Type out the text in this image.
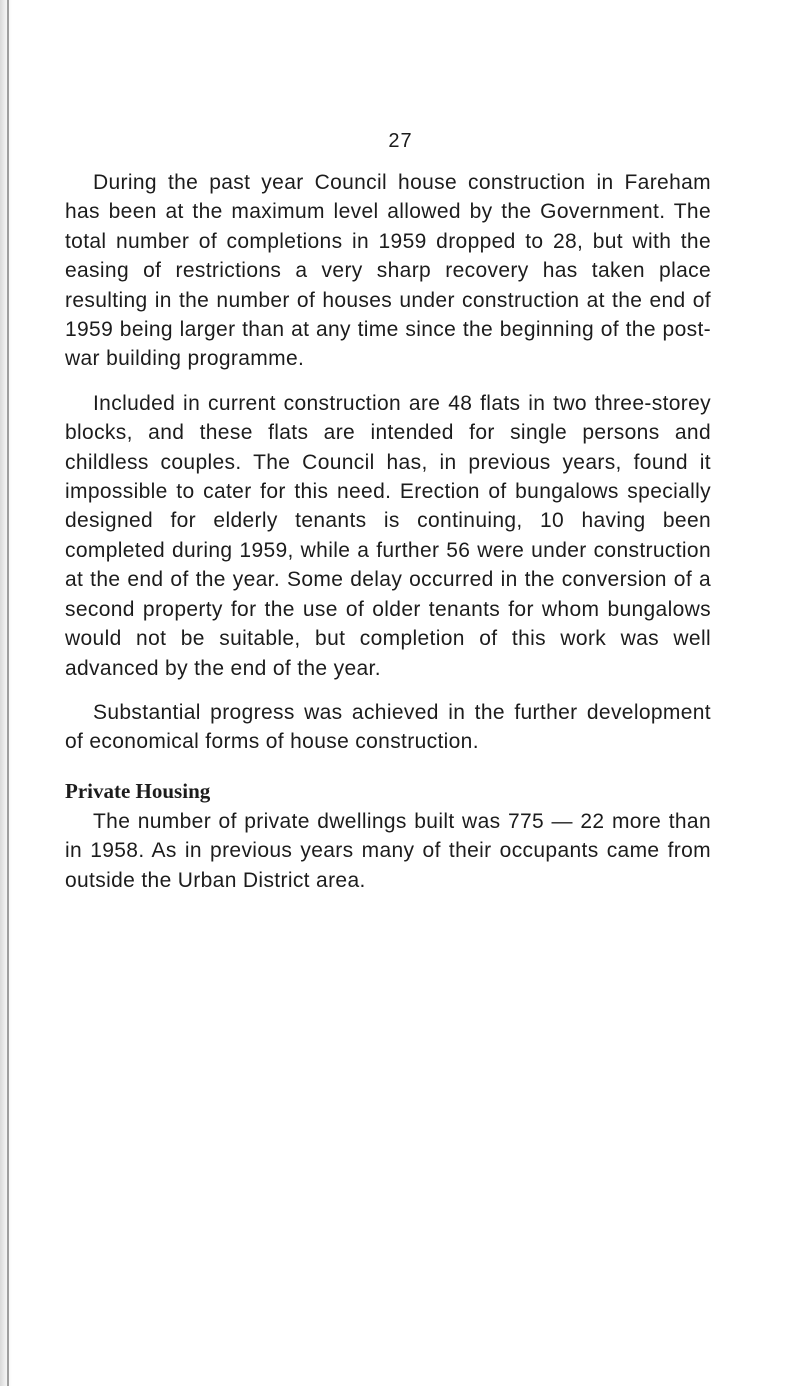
27

During the past year Council house construction in Fareham has been at the maximum level allowed by the Government. The total number of completions in 1959 dropped to 28, but with the easing of restrictions a very sharp recovery has taken place resulting in the number of houses under construction at the end of 1959 being larger than at any time since the beginning of the post-war building programme.

Included in current construction are 48 flats in two three-storey blocks, and these flats are intended for single persons and childless couples. The Council has, in previous years, found it impossible to cater for this need. Erection of bungalows specially designed for elderly tenants is continuing, 10 having been completed during 1959, while a further 56 were under construction at the end of the year. Some delay occurred in the conversion of a second property for the use of older tenants for whom bungalows would not be suitable, but completion of this work was well advanced by the end of the year.

Substantial progress was achieved in the further development of economical forms of house construction.

Private Housing

The number of private dwellings built was 775 — 22 more than in 1958. As in previous years many of their occupants came from outside the Urban District area.
